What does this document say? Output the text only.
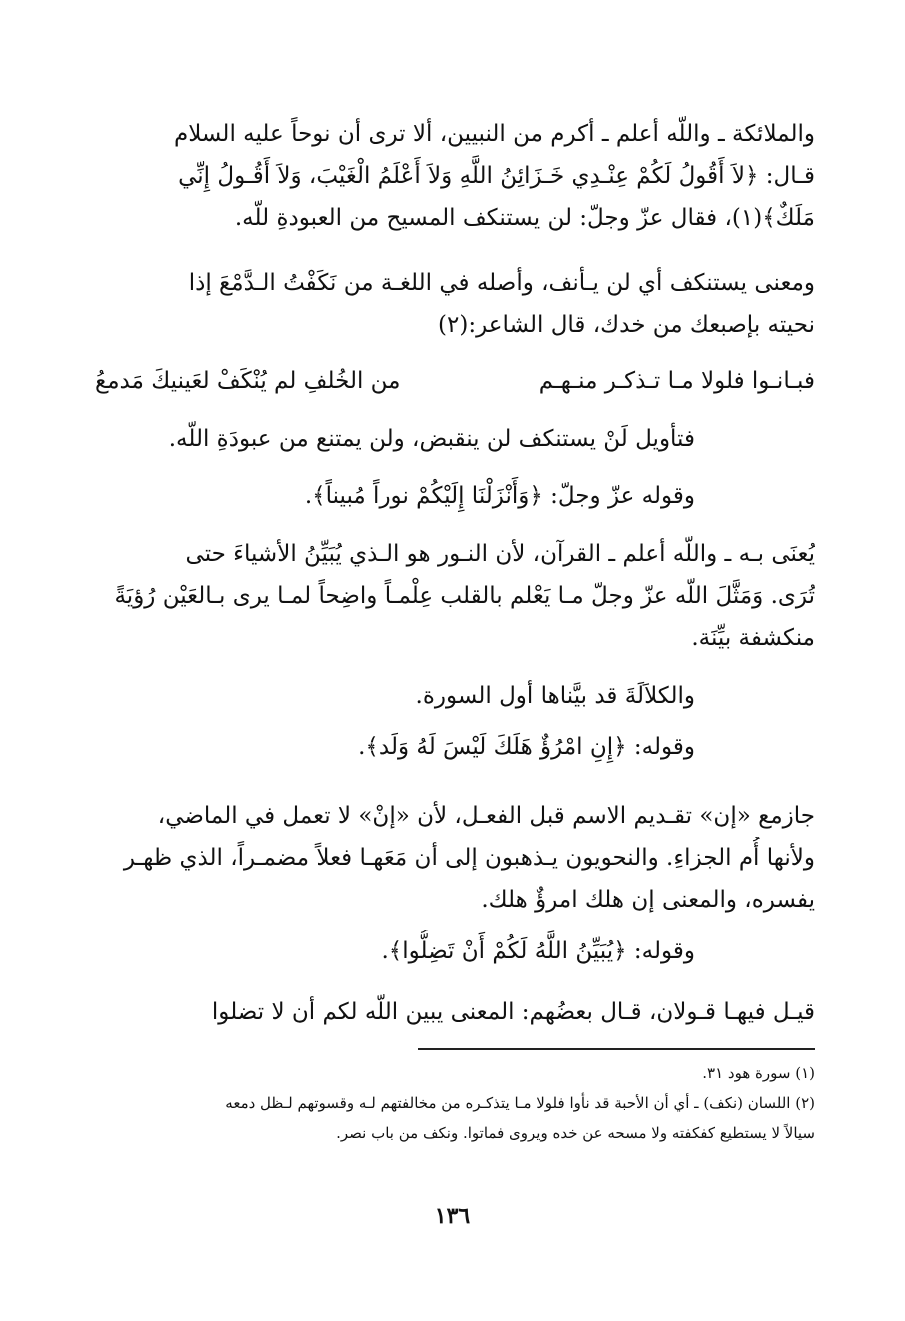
والملائكة ـ واللّه أعلم ـ أكرم من النبيين، ألا ترى أن نوحاً عليه السلام
قـال: ﴿لاَ أَقُولُ لَكُمْ عِنْـدِي خَـزَائِنُ اللَّهِ وَلاَ أَعْلَمُ الْغَيْبَ، وَلاَ أَقُـولُ إِنِّي
مَلَكٌ﴾(١)، فقال عزّ وجلّ: لن يستنكف المسيح من العبودةِ للّه.
ومعنى يستنكف أي لن يـأنف، وأصله في اللغـة من نَكَفْتُ الـدَّمْعَ إذا
نحيته بإصبعك من خدك، قال الشاعر:(٢)
فبـانـوا فلولا مـا تـذكـر منـهـم
من الخُلفِ لم يُنْكَفْ لعَينيكَ مَدمعُ
فتأويل لَنْ يستنكف لن ينقبض، ولن يمتنع من عبودَةِ اللّه.
وقوله عزّ وجلّ: ﴿وَأَنْزَلْنَا إِلَيْكُمْ نوراً مُبيناً﴾.
يُعنَى بـه ـ واللّه أعلم ـ القرآن، لأن النـور هو الـذي يُبَيِّنُ الأشياءَ حتى
تُرَى. وَمَثَّلَ اللّه عزّ وجلّ مـا يَعْلم بالقلب عِلْمـاً واضِحاً لمـا يرى بـالعَيْن رُؤيَةً
منكشفة بيِّنَة.
والكلاَلَةَ قد بيَّناها أول السورة.
وقوله: ﴿إِنِ امْرُؤٌ هَلَكَ لَيْسَ لَهُ وَلَد﴾.
جازمع «إن» تقـديم الاسم قبل الفعـل، لأن «إنْ» لا تعمل في الماضي،
ولأنها أُم الجزاءِ. والنحويون يـذهبون إلى أن مَعَهـا فعلاً مضمـراً، الذي ظهـر
يفسره، والمعنى إن هلك امرؤٌ هلك.
وقوله: ﴿يُبَيِّنُ اللَّهُ لَكُمْ أَنْ تَضِلُّوا﴾.
قيـل فيهـا قـولان، قـال بعضُهم: المعنى يبين اللّه لكم أن لا تضلوا
(١) سورة هود ٣١.
(٢) اللسان (نكف) ـ أي أن الأحبة قد نأوا فلولا مـا يتذكـره من مخالفتهم لـه وقسوتهم لـظل دمعه
سيالاً لا يستطيع كفكفته ولا مسحه عن خده ويروى فماتوا. ونكف من باب نصر.
١٣٦
